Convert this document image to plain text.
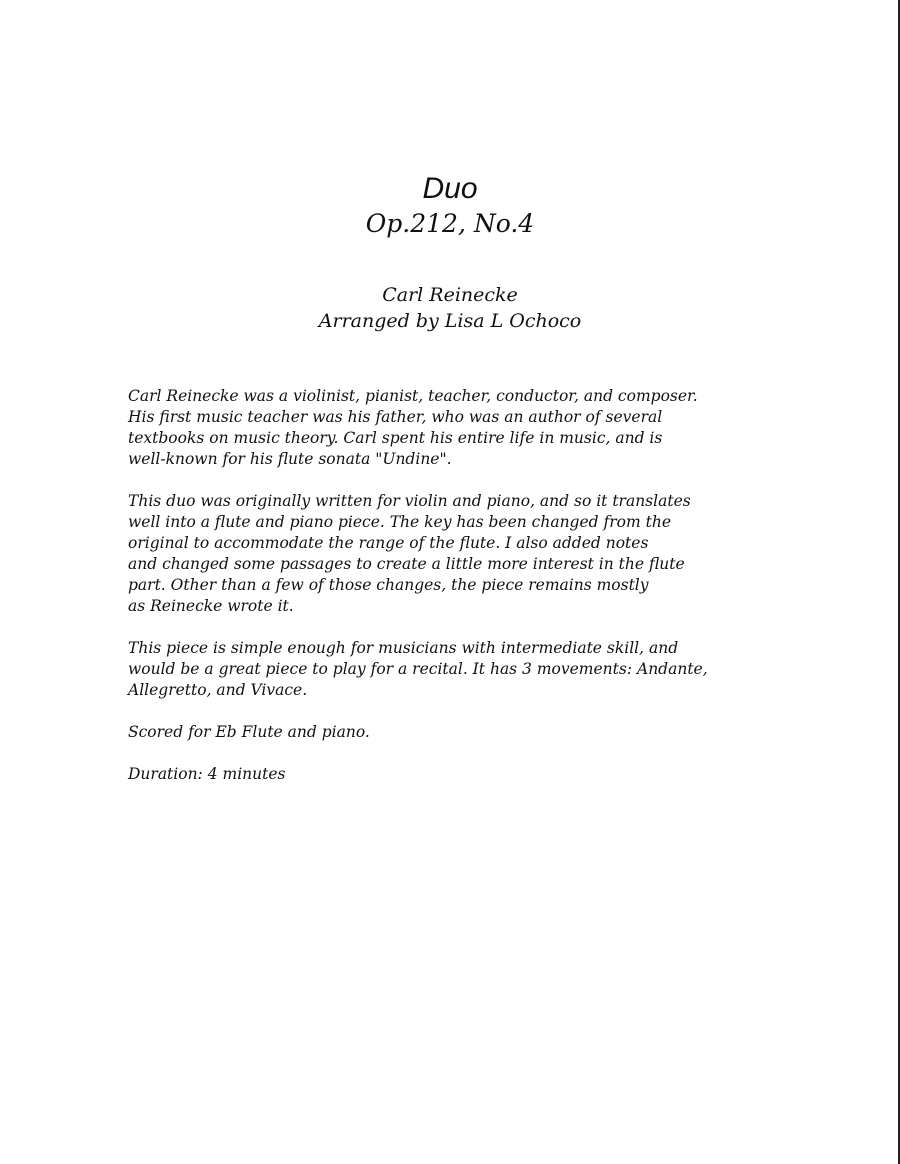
Duo
Op.212, No.4
Carl Reinecke
Arranged by Lisa L Ochoco

Carl Reinecke was a violinist, pianist, teacher, conductor, and composer.
His first music teacher was his father, who was an author of several
textbooks on music theory. Carl spent his entire life in music, and is
well-known for his flute sonata "Undine".

This duo was originally written for violin and piano, and so it translates
well into a flute and piano piece. The key has been changed from the
original to accommodate the range of the flute. I also added notes
and changed some passages to create a little more interest in the flute
part. Other than a few of those changes, the piece remains mostly
as Reinecke wrote it.

This piece is simple enough for musicians with intermediate skill, and
would be a great piece to play for a recital. It has 3 movements: Andante,
Allegretto, and Vivace.

Scored for Eb Flute and piano.

Duration: 4 minutes
